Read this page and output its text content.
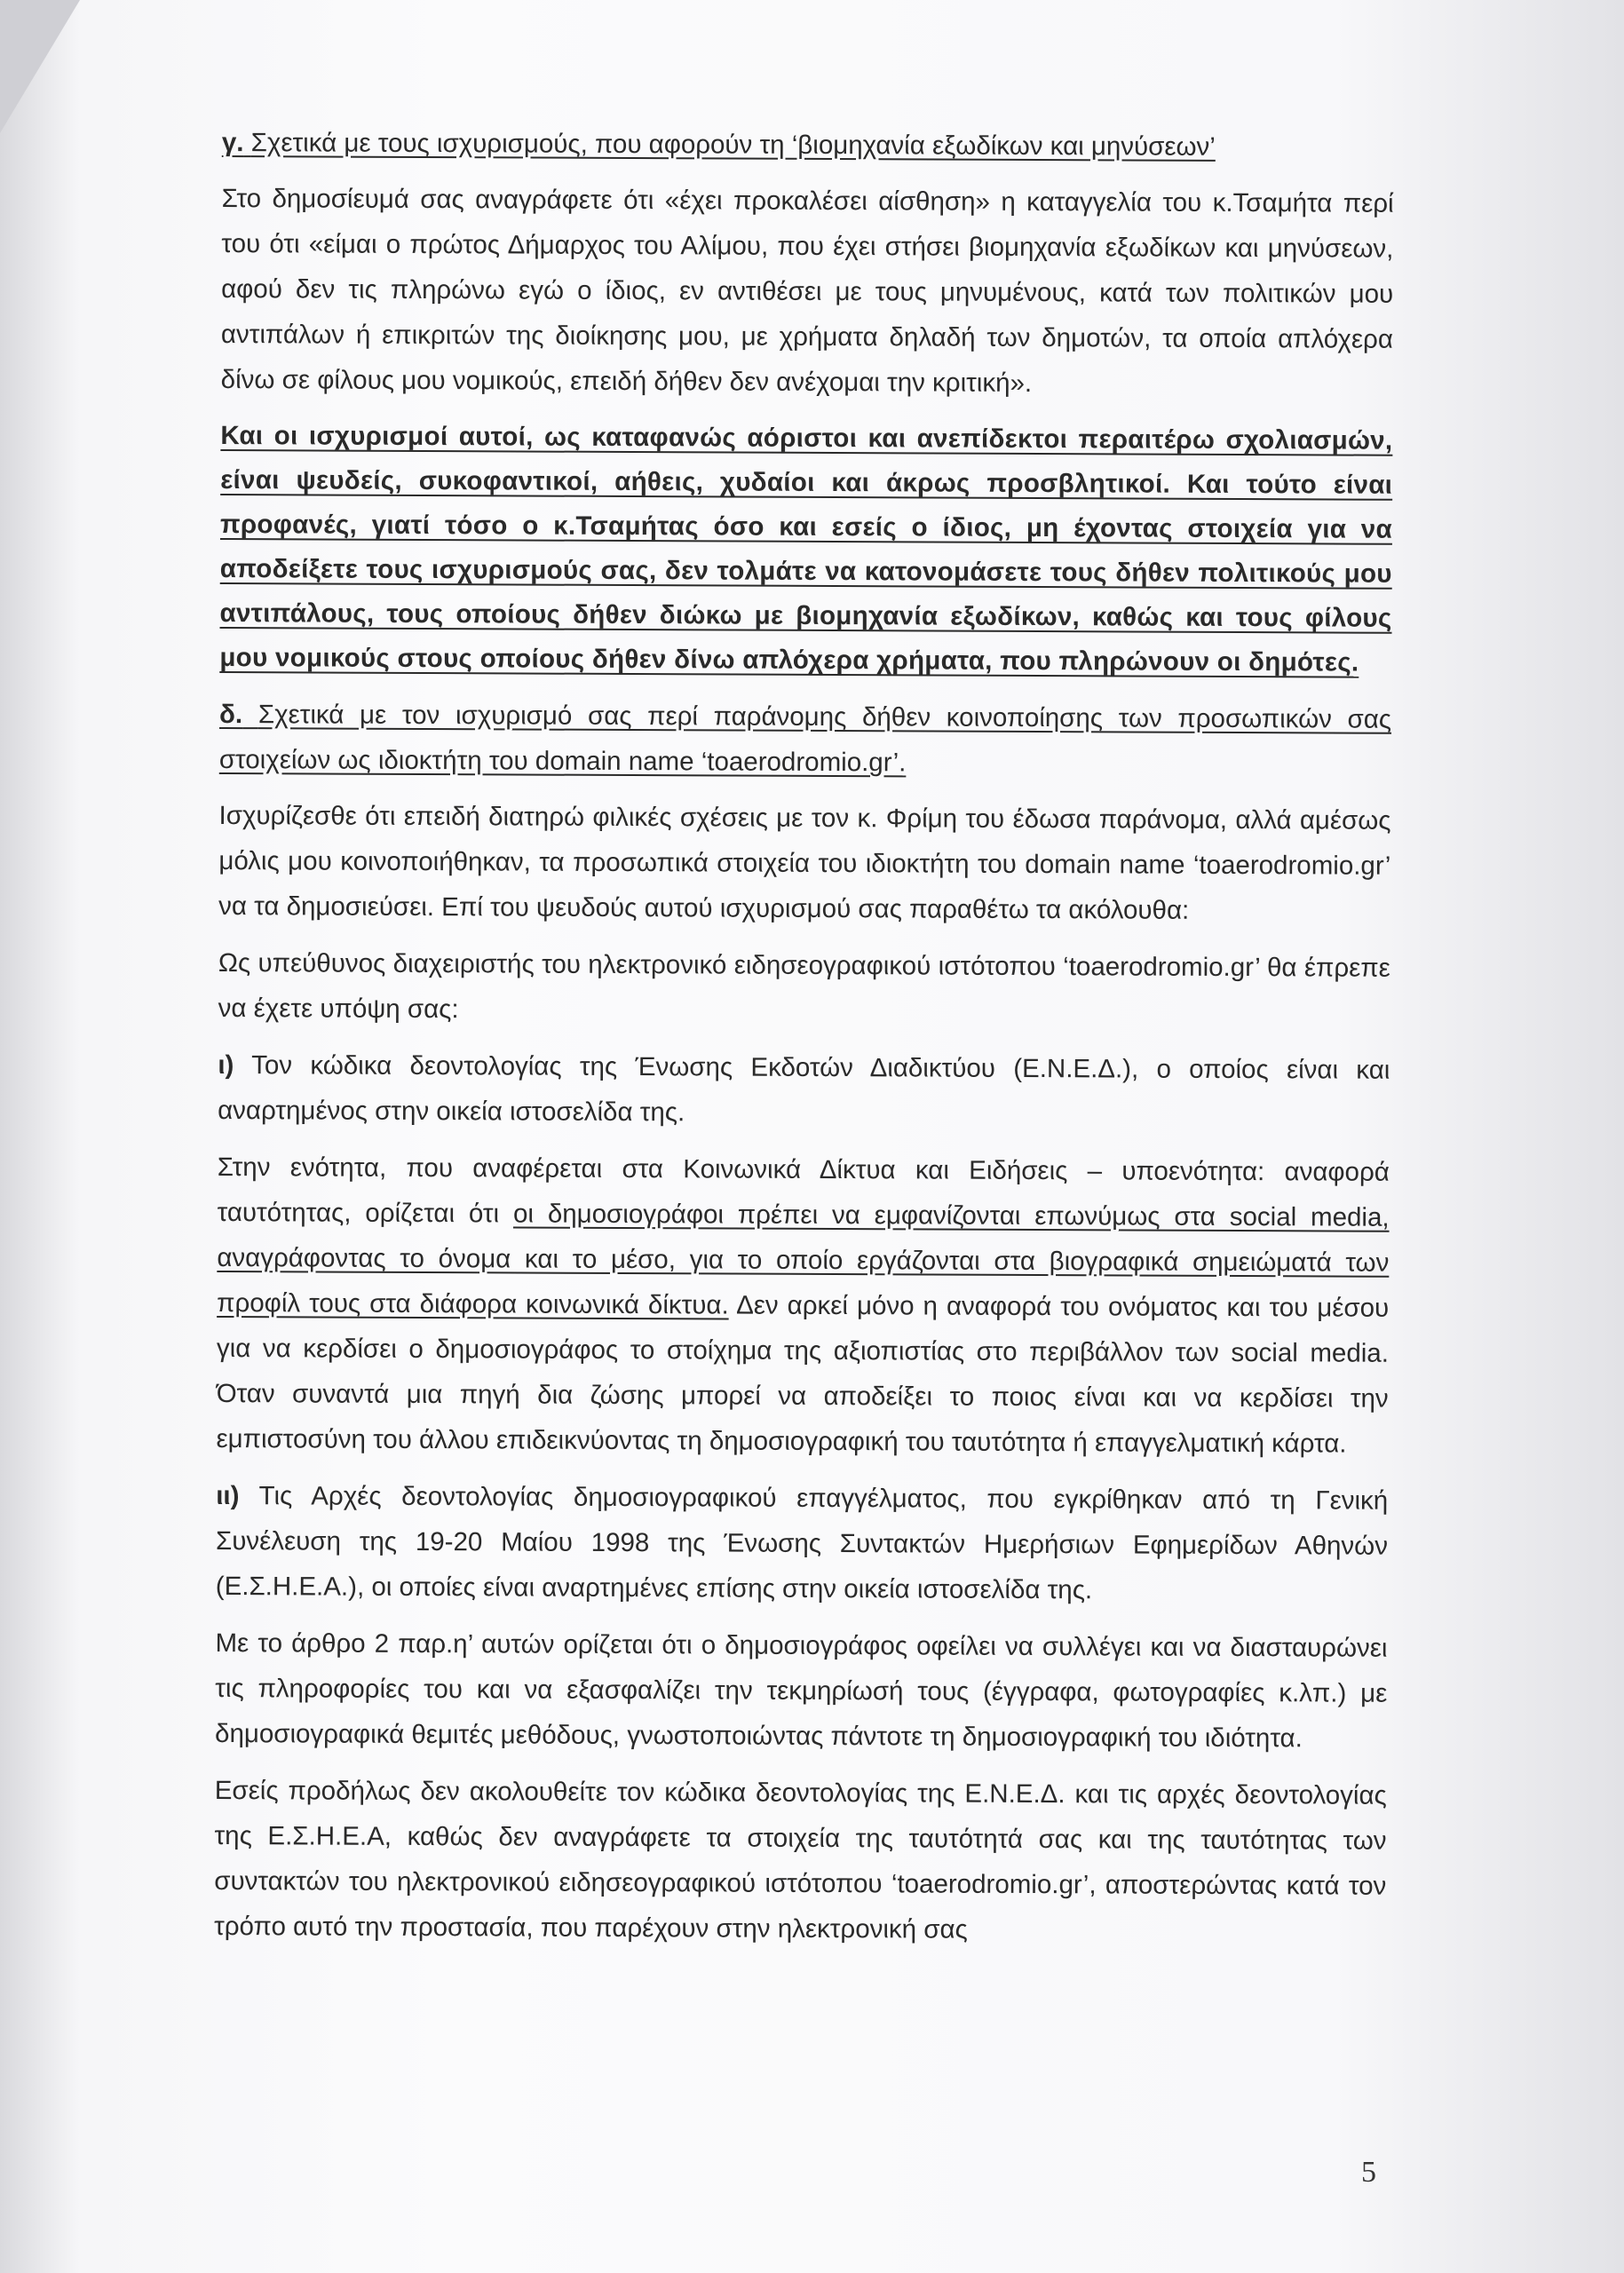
γ. Σχετικά με τους ισχυρισμούς, που αφορούν τη ‘βιομηχανία εξωδίκων και μηνύσεων’

Στο δημοσίευμά σας αναγράφετε ότι «έχει προκαλέσει αίσθηση» η καταγγελία του κ.Τσαμήτα περί του ότι «είμαι ο πρώτος Δήμαρχος του Αλίμου, που έχει στήσει βιομηχανία εξωδίκων και μηνύσεων, αφού δεν τις πληρώνω εγώ ο ίδιος, εν αντιθέσει με τους μηνυμένους, κατά των πολιτικών μου αντιπάλων ή επικριτών της διοίκησης μου, με χρήματα δηλαδή των δημοτών, τα οποία απλόχερα δίνω σε φίλους μου νομικούς, επειδή δήθεν δεν ανέχομαι την κριτική».

Και οι ισχυρισμοί αυτοί, ως καταφανώς αόριστοι και ανεπίδεκτοι περαιτέρω σχολιασμών, είναι ψευδείς, συκοφαντικοί, αήθεις, χυδαίοι και άκρως προσβλητικοί. Και τούτο είναι προφανές, γιατί τόσο ο κ.Τσαμήτας όσο και εσείς ο ίδιος, μη έχοντας στοιχεία για να αποδείξετε τους ισχυρισμούς σας, δεν τολμάτε να κατονομάσετε τους δήθεν πολιτικούς μου αντιπάλους, τους οποίους δήθεν διώκω με βιομηχανία εξωδίκων, καθώς και τους φίλους μου νομικούς στους οποίους δήθεν δίνω απλόχερα χρήματα, που πληρώνουν οι δημότες.

δ. Σχετικά με τον ισχυρισμό σας περί παράνομης δήθεν κοινοποίησης των προσωπικών σας στοιχείων ως ιδιοκτήτη του domain name ‘toaerodromio.gr’.

Ισχυρίζεσθε ότι επειδή διατηρώ φιλικές σχέσεις με τον κ. Φρίμη του έδωσα παράνομα, αλλά αμέσως μόλις μου κοινοποιήθηκαν, τα προσωπικά στοιχεία του ιδιοκτήτη του domain name ‘toaerodromio.gr’ να τα δημοσιεύσει. Επί του ψευδούς αυτού ισχυρισμού σας παραθέτω τα ακόλουθα:

Ως υπεύθυνος διαχειριστής του ηλεκτρονικό ειδησεογραφικού ιστότοπου ‘toaerodromio.gr’ θα έπρεπε να έχετε υπόψη σας:

ι) Τον κώδικα δεοντολογίας της Ένωσης Εκδοτών Διαδικτύου (Ε.Ν.Ε.Δ.), ο οποίος είναι και αναρτημένος στην οικεία ιστοσελίδα της.

Στην ενότητα, που αναφέρεται στα Κοινωνικά Δίκτυα και Ειδήσεις – υποενότητα: αναφορά ταυτότητας, ορίζεται ότι οι δημοσιογράφοι πρέπει να εμφανίζονται επωνύμως στα social media, αναγράφοντας το όνομα και το μέσο, για το οποίο εργάζονται στα βιογραφικά σημειώματά των προφίλ τους στα διάφορα κοινωνικά δίκτυα. Δεν αρκεί μόνο η αναφορά του ονόματος και του μέσου για να κερδίσει ο δημοσιογράφος το στοίχημα της αξιοπιστίας στο περιβάλλον των social media. Όταν συναντά μια πηγή δια ζώσης μπορεί να αποδείξει το ποιος είναι και να κερδίσει την εμπιστοσύνη του άλλου επιδεικνύοντας τη δημοσιογραφική του ταυτότητα ή επαγγελματική κάρτα.

ιι) Τις Αρχές δεοντολογίας δημοσιογραφικού επαγγέλματος, που εγκρίθηκαν από τη Γενική Συνέλευση της 19-20 Μαίου 1998 της Ένωσης Συντακτών Ημερήσιων Εφημερίδων Αθηνών (Ε.Σ.Η.Ε.Α.), οι οποίες είναι αναρτημένες επίσης στην οικεία ιστοσελίδα της.

Με το άρθρο 2 παρ.η’ αυτών ορίζεται ότι ο δημοσιογράφος οφείλει να συλλέγει και να διασταυρώνει τις πληροφορίες του και να εξασφαλίζει την τεκμηρίωσή τους (έγγραφα, φωτογραφίες κ.λπ.) με δημοσιογραφικά θεμιτές μεθόδους, γνωστοποιώντας πάντοτε τη δημοσιογραφική του ιδιότητα.

Εσείς προδήλως δεν ακολουθείτε τον κώδικα δεοντολογίας της Ε.Ν.Ε.Δ. και τις αρχές δεοντολογίας της Ε.Σ.Η.Ε.Α, καθώς δεν αναγράφετε τα στοιχεία της ταυτότητά σας και της ταυτότητας των συντακτών του ηλεκτρονικού ειδησεογραφικού ιστότοπου ‘toaerodromio.gr’, αποστερώντας κατά τον τρόπο αυτό την προστασία, που παρέχουν στην ηλεκτρονική σας

5
